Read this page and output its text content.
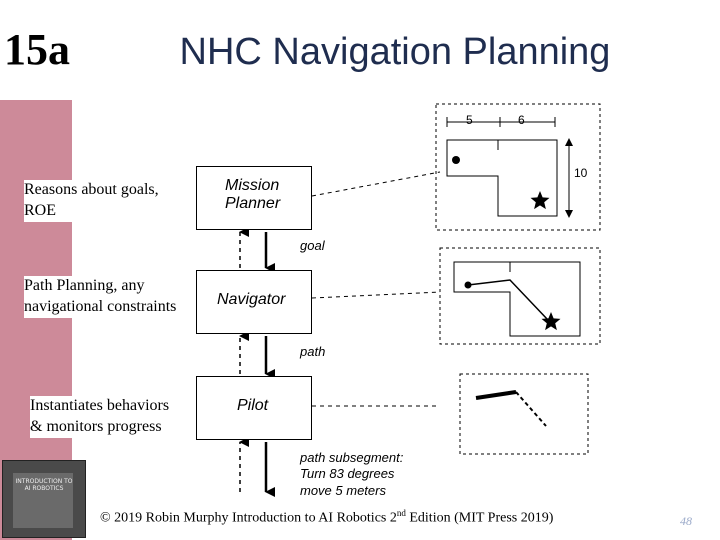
15a	NHC Navigation Planning
Reasons about goals, ROE
Path Planning, any navigational constraints
Instantiates behaviors & monitors progress
5	6
10
Mission
Planner
Navigator
Pilot
goal
path
path subsegment:
Turn 83 degrees
move 5 meters
INTRODUCTION TO AI ROBOTICS
© 2019 Robin Murphy Introduction to AI Robotics 2nd Edition (MIT Press 2019)	48
